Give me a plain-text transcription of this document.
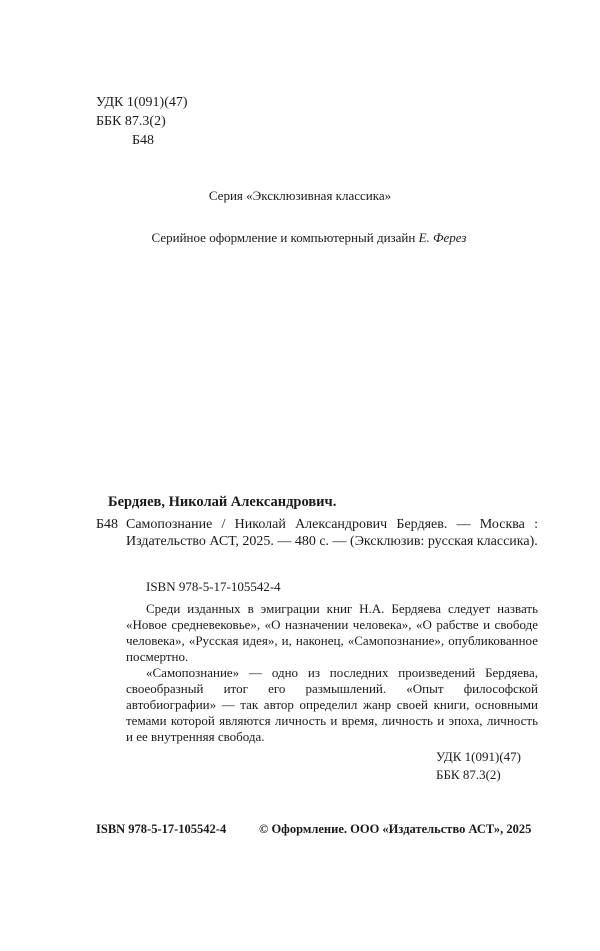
УДК 1(091)(47)
ББК 87.3(2)
Б48
Серия «Эксклюзивная классика»
Серийное оформление и компьютерный дизайн Е. Ферез
Бердяев, Николай Александрович.
Б48 Самопознание / Николай Александрович Бердяев. — Москва : Издательство АСТ, 2025. — 480 с. — (Эксклюзив: русская классика).
ISBN 978-5-17-105542-4

Среди изданных в эмиграции книг Н.А. Бердяева следует назвать «Новое средневековье», «О назначении человека», «О рабстве и свободе человека», «Русская идея», и, наконец, «Самопознание», опубликованное посмертно.

«Самопознание» — одно из последних произведений Бердяева, своеобразный итог его размышлений. «Опыт философской автобиографии» — так автор определил жанр своей книги, основными темами которой являются личность и время, личность и эпоха, личность и ее внутренняя свобода.

УДК 1(091)(47)
ББК 87.3(2)
ISBN 978-5-17-105542-4	© Оформление. ООО «Издательство АСТ», 2025
